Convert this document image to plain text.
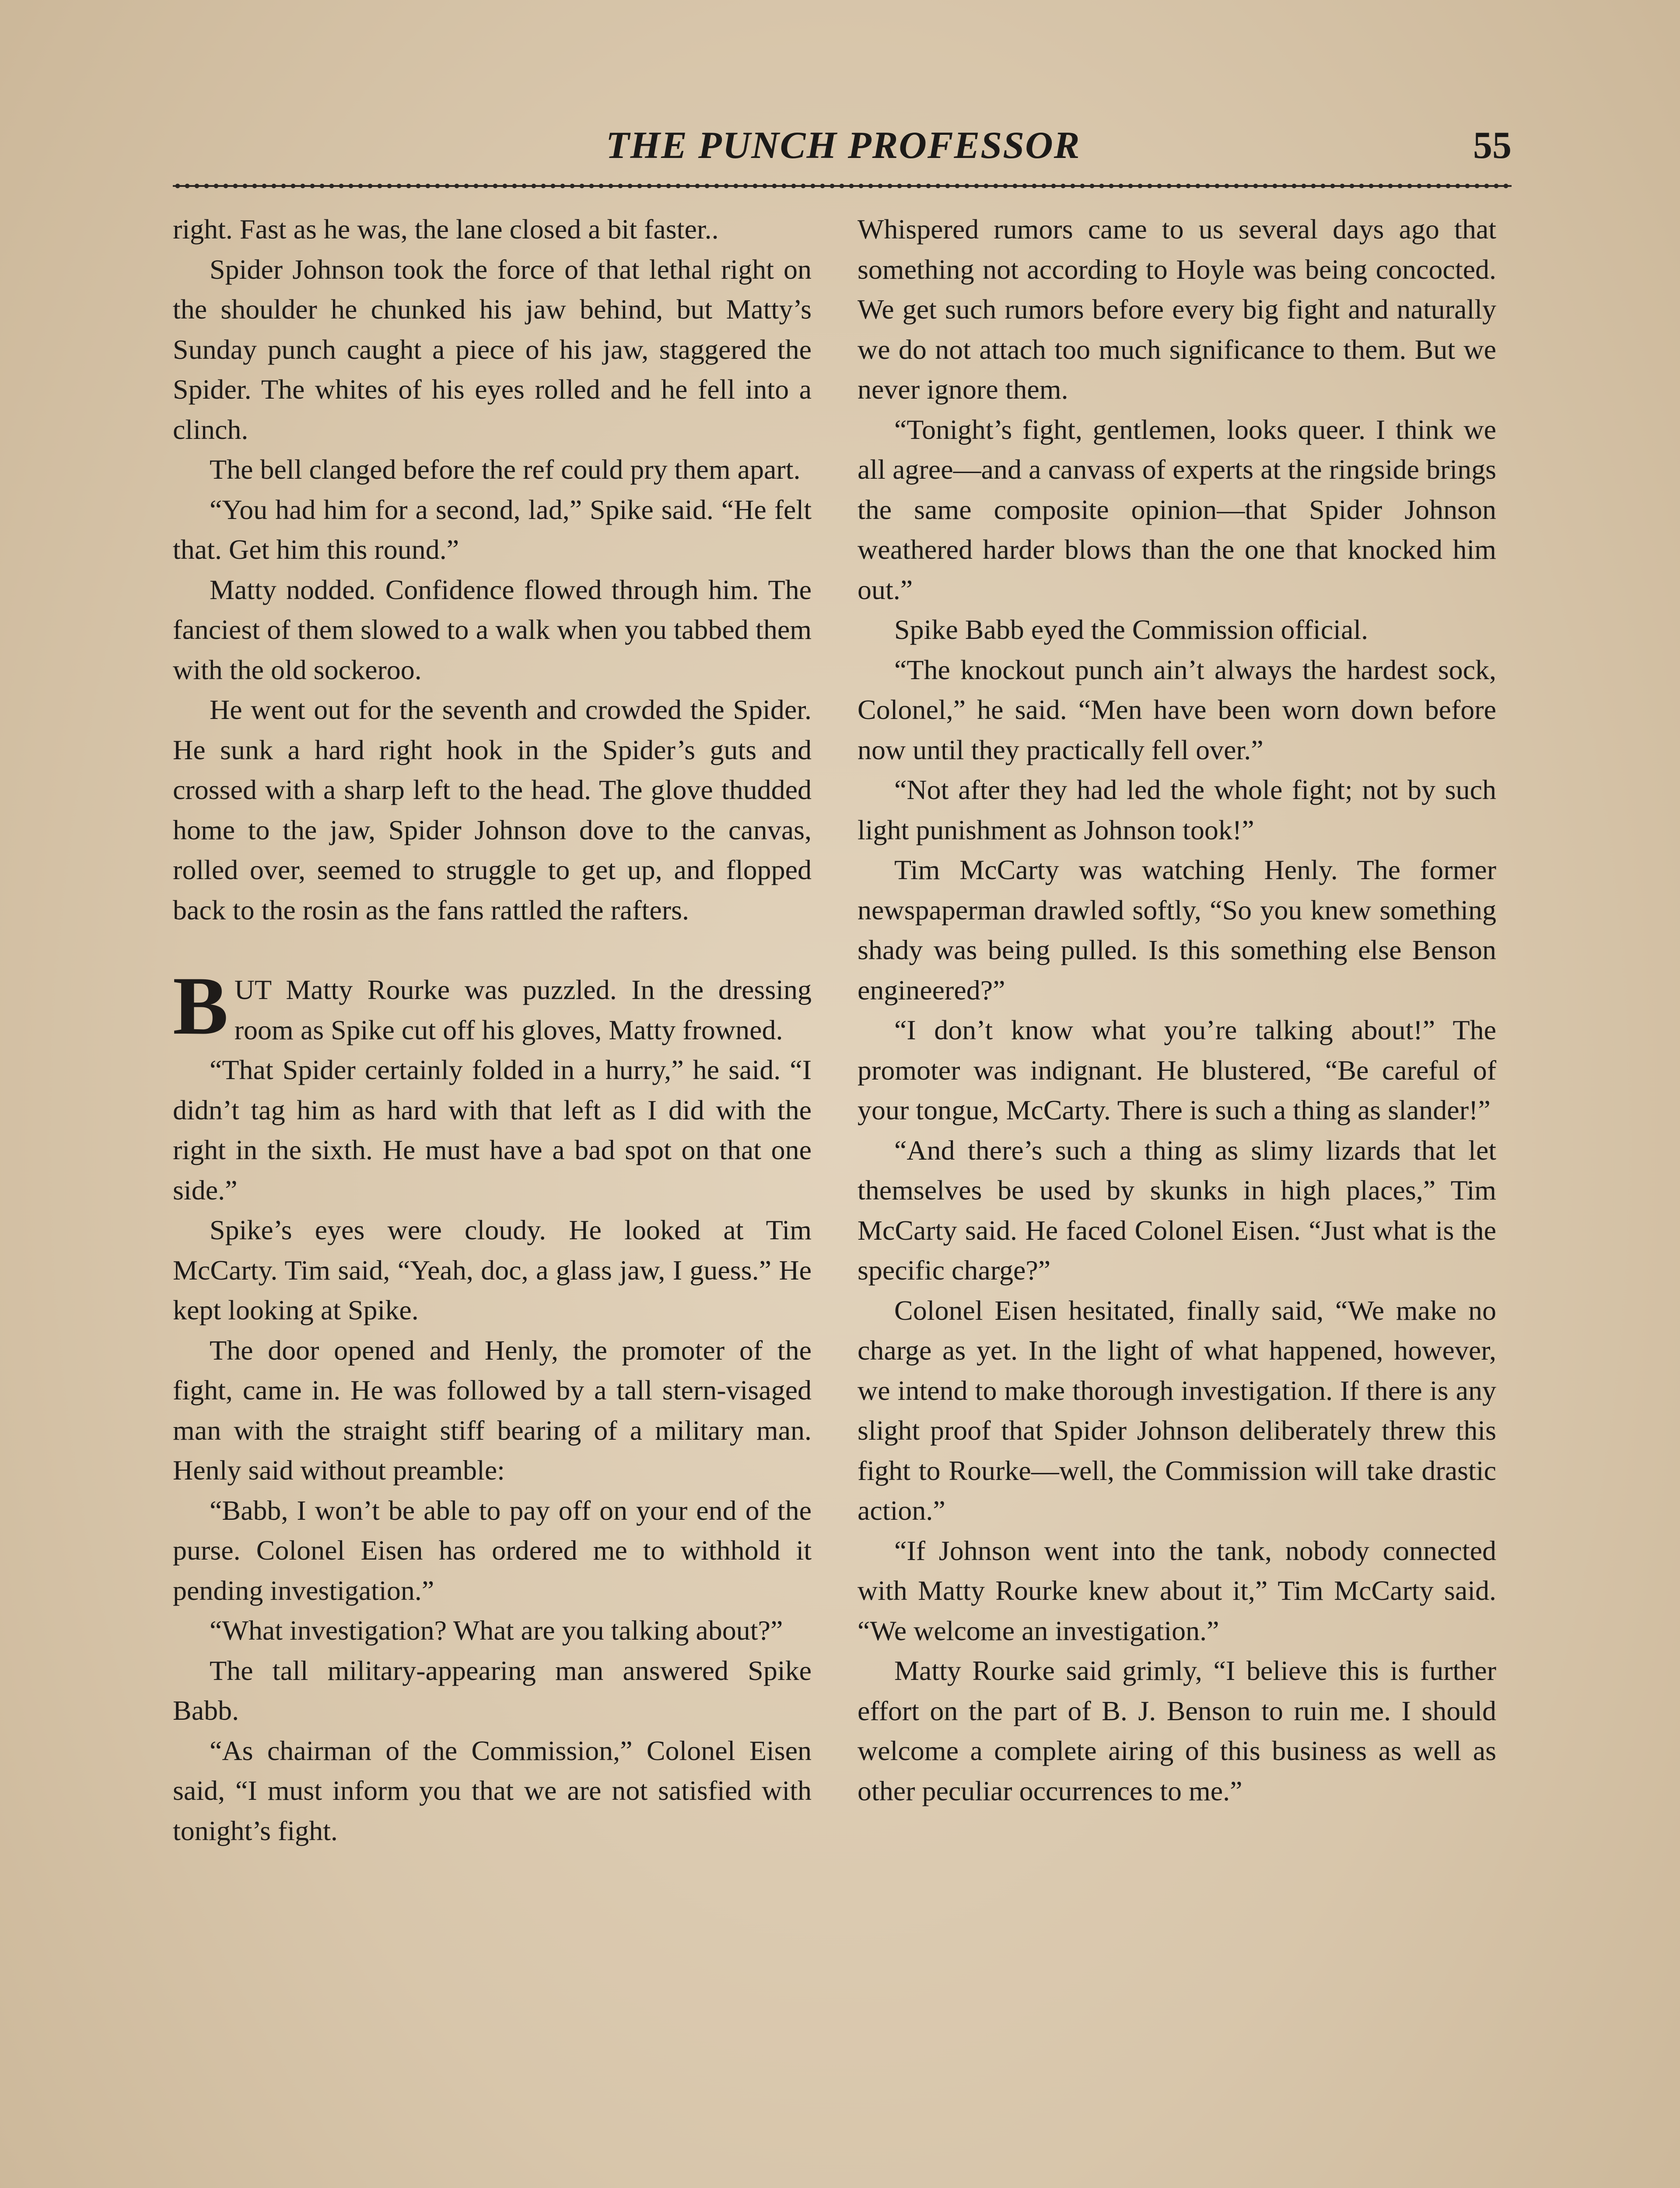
THE PUNCH PROFESSOR	55

right. Fast as he was, the lane closed a bit faster..

Spider Johnson took the force of that lethal right on the shoulder he chunked his jaw behind, but Matty’s Sunday punch caught a piece of his jaw, staggered the Spider. The whites of his eyes rolled and he fell into a clinch.

The bell clanged before the ref could pry them apart.

“You had him for a second, lad,” Spike said. “He felt that. Get him this round.”

Matty nodded. Confidence flowed through him. The fanciest of them slowed to a walk when you tabbed them with the old sockeroo.

He went out for the seventh and crowded the Spider. He sunk a hard right hook in the Spider’s guts and crossed with a sharp left to the head. The glove thudded home to the jaw, Spider Johnson dove to the canvas, rolled over, seemed to struggle to get up, and flopped back to the rosin as the fans rattled the rafters.

BUT Matty Rourke was puzzled. In the dressing room as Spike cut off his gloves, Matty frowned.

“That Spider certainly folded in a hurry,” he said. “I didn’t tag him as hard with that left as I did with the right in the sixth. He must have a bad spot on that one side.”

Spike’s eyes were cloudy. He looked at Tim McCarty. Tim said, “Yeah, doc, a glass jaw, I guess.” He kept looking at Spike.

The door opened and Henly, the promoter of the fight, came in. He was followed by a tall stern-visaged man with the straight stiff bearing of a military man. Henly said without preamble:

“Babb, I won’t be able to pay off on your end of the purse. Colonel Eisen has ordered me to withhold it pending investigation.”

“What investigation? What are you talking about?”

The tall military-appearing man answered Spike Babb.

“As chairman of the Commission,” Colonel Eisen said, “I must inform you that we are not satisfied with tonight’s fight.

Whispered rumors came to us several days ago that something not according to Hoyle was being concocted. We get such rumors before every big fight and naturally we do not attach too much significance to them. But we never ignore them.

“Tonight’s fight, gentlemen, looks queer. I think we all agree—and a canvass of experts at the ringside brings the same composite opinion—that Spider Johnson weathered harder blows than the one that knocked him out.”

Spike Babb eyed the Commission official.

“The knockout punch ain’t always the hardest sock, Colonel,” he said. “Men have been worn down before now until they practically fell over.”

“Not after they had led the whole fight; not by such light punishment as Johnson took!”

Tim McCarty was watching Henly. The former newspaperman drawled softly, “So you knew something shady was being pulled. Is this something else Benson engineered?”

“I don’t know what you’re talking about!” The promoter was indignant. He blustered, “Be careful of your tongue, McCarty. There is such a thing as slander!”

“And there’s such a thing as slimy lizards that let themselves be used by skunks in high places,” Tim McCarty said. He faced Colonel Eisen. “Just what is the specific charge?”

Colonel Eisen hesitated, finally said, “We make no charge as yet. In the light of what happened, however, we intend to make thorough investigation. If there is any slight proof that Spider Johnson deliberately threw this fight to Rourke—well, the Commission will take drastic action.”

“If Johnson went into the tank, nobody connected with Matty Rourke knew about it,” Tim McCarty said. “We welcome an investigation.”

Matty Rourke said grimly, “I believe this is further effort on the part of B. J. Benson to ruin me. I should welcome a complete airing of this business as well as other peculiar occurrences to me.”
